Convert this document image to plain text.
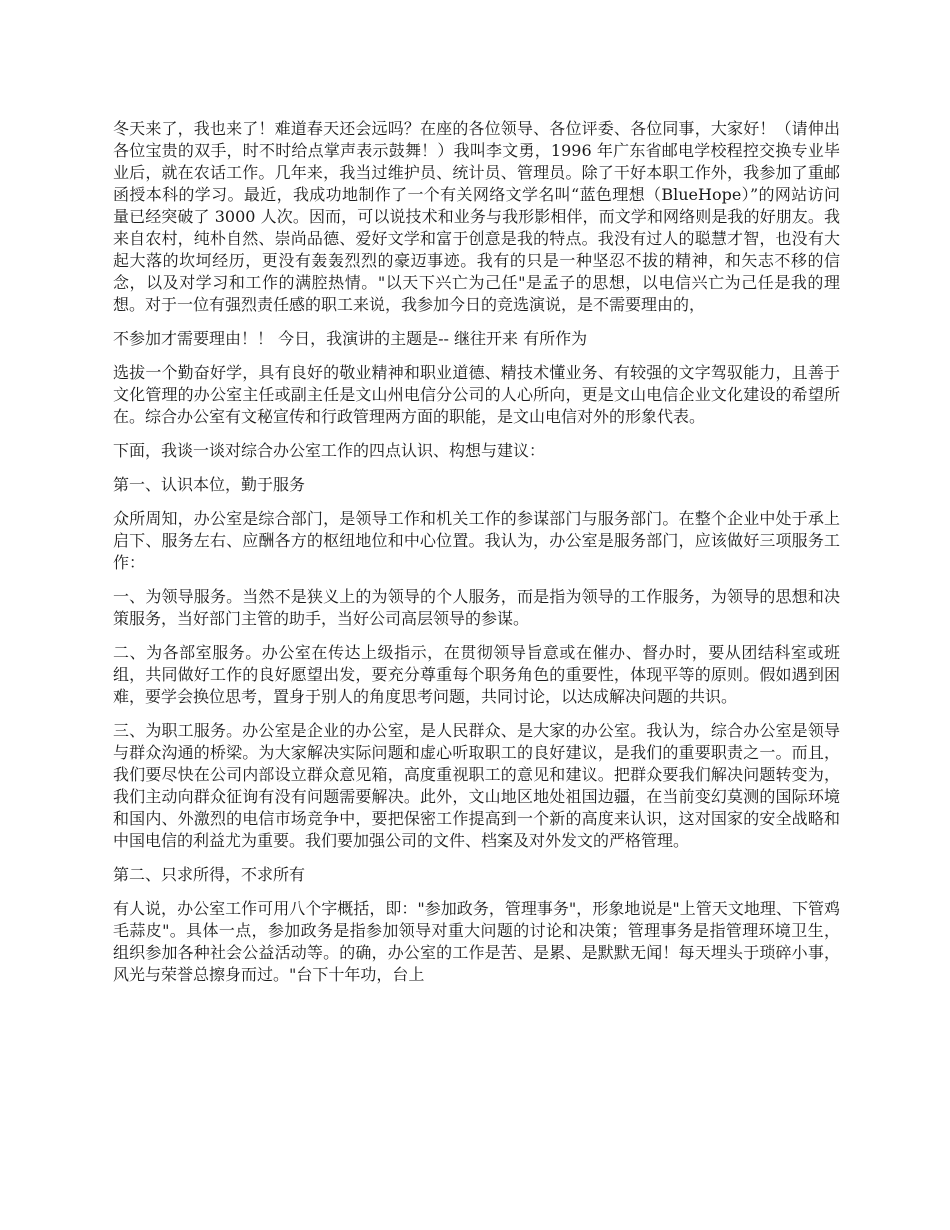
冬天来了，我也来了！难道春天还会远吗？在座的各位领导、各位评委、各位同事，大家好！（请伸出各位宝贵的双手，时不时给点掌声表示鼓舞！）我叫李文勇，1996 年广东省邮电学校程控交换专业毕业后，就在农话工作。几年来，我当过维护员、统计员、管理员。除了干好本职工作外，我参加了重邮函授本科的学习。最近，我成功地制作了一个有关网络文学名叫“蓝色理想（BlueHope）”的网站访问量已经突破了 3000 人次。因而，可以说技术和业务与我形影相伴，而文学和网络则是我的好朋友。我来自农村，纯朴自然、崇尚品德、爱好文学和富于创意是我的特点。我没有过人的聪慧才智，也没有大起大落的坎坷经历，更没有轰轰烈烈的豪迈事迹。我有的只是一种坚忍不拔的精神，和矢志不移的信念，以及对学习和工作的满腔热情。"以天下兴亡为己任"是孟子的思想，以电信兴亡为己任是我的理想。对于一位有强烈责任感的职工来说，我参加今日的竞选演说，是不需要理由的，

不参加才需要理由！！ 今日，我演讲的主题是-- 继往开来 有所作为

选拔一个勤奋好学，具有良好的敬业精神和职业道德、精技术懂业务、有较强的文字驾驭能力，且善于文化管理的办公室主任或副主任是文山州电信分公司的人心所向，更是文山电信企业文化建设的希望所在。综合办公室有文秘宣传和行政管理两方面的职能，是文山电信对外的形象代表。

下面，我谈一谈对综合办公室工作的四点认识、构想与建议：

第一、认识本位，勤于服务

众所周知，办公室是综合部门，是领导工作和机关工作的参谋部门与服务部门。在整个企业中处于承上启下、服务左右、应酬各方的枢纽地位和中心位置。我认为，办公室是服务部门，应该做好三项服务工作：

一、为领导服务。当然不是狭义上的为领导的个人服务，而是指为领导的工作服务，为领导的思想和决策服务，当好部门主管的助手，当好公司高层领导的参谋。

二、为各部室服务。办公室在传达上级指示，在贯彻领导旨意或在催办、督办时，要从团结科室或班组，共同做好工作的良好愿望出发，要充分尊重每个职务角色的重要性，体现平等的原则。假如遇到困难，要学会换位思考，置身于别人的角度思考问题，共同讨论，以达成解决问题的共识。

三、为职工服务。办公室是企业的办公室，是人民群众、是大家的办公室。我认为，综合办公室是领导与群众沟通的桥梁。为大家解决实际问题和虚心听取职工的良好建议，是我们的重要职责之一。而且，我们要尽快在公司内部设立群众意见箱，高度重视职工的意见和建议。把群众要我们解决问题转变为，我们主动向群众征询有没有问题需要解决。此外，文山地区地处祖国边疆，在当前变幻莫测的国际环境和国内、外激烈的电信市场竞争中，要把保密工作提高到一个新的高度来认识，这对国家的安全战略和中国电信的利益尤为重要。我们要加强公司的文件、档案及对外发文的严格管理。

第二、只求所得，不求所有

有人说，办公室工作可用八个字概括，即："参加政务，管理事务"，形象地说是"上管天文地理、下管鸡毛蒜皮"。具体一点，参加政务是指参加领导对重大问题的讨论和决策；管理事务是指管理环境卫生，组织参加各种社会公益活动等。的确，办公室的工作是苦、是累、是默默无闻！每天埋头于琐碎小事，风光与荣誉总擦身而过。"台下十年功，台上
